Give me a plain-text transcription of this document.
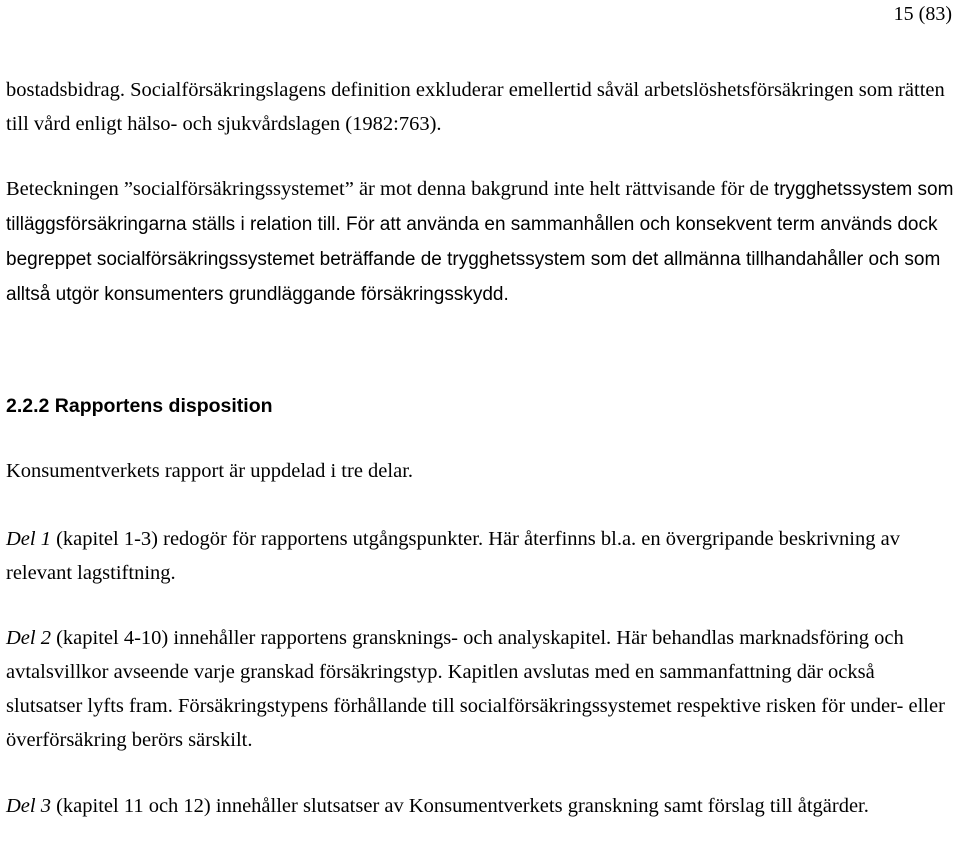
15 (83)

bostadsbidrag. Socialförsäkringslagens definition exkluderar emellertid såväl arbetslöshetsförsäkringen som rätten till vård enligt hälso- och sjukvårdslagen (1982:763).

Beteckningen ”socialförsäkringssystemet” är mot denna bakgrund inte helt rättvisande för de trygghetssystem som tilläggsförsäkringarna ställs i relation till. För att använda en sammanhållen och konsekvent term används dock begreppet socialförsäkringssystemet beträffande de trygghetssystem som det allmänna tillhandahåller och som alltså utgör konsumenters grundläggande försäkringsskydd.

2.2.2 Rapportens disposition

Konsumentverkets rapport är uppdelad i tre delar.

Del 1 (kapitel 1-3) redogör för rapportens utgångspunkter. Här återfinns bl.a. en övergripande beskrivning av relevant lagstiftning.

Del 2 (kapitel 4-10) innehåller rapportens gransknings- och analyskapitel. Här behandlas marknadsföring och avtalsvillkor avseende varje granskad försäkringstyp. Kapitlen avslutas med en sammanfattning där också slutsatser lyfts fram. Försäkringstypens förhållande till socialförsäkringssystemet respektive risken för under- eller överförsäkring berörs särskilt.

Del 3 (kapitel 11 och 12) innehåller slutsatser av Konsumentverkets granskning samt förslag till åtgärder.
